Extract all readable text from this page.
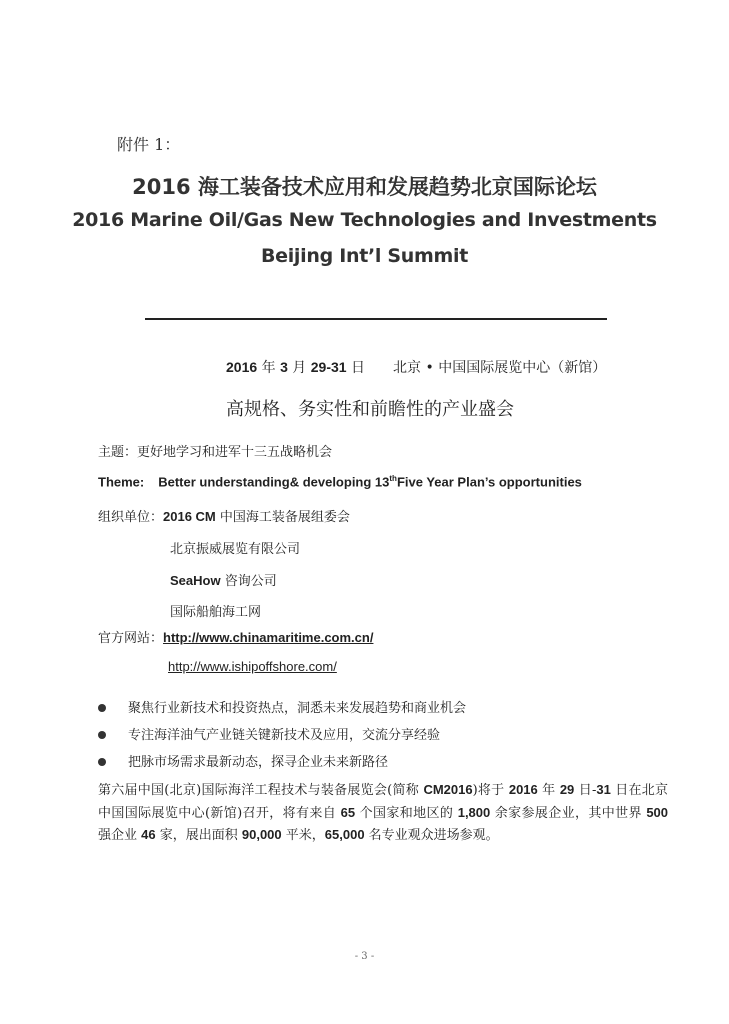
附件 1：
2016 海工装备技术应用和发展趋势北京国际论坛
2016 Marine Oil/Gas New Technologies and Investments
Beijing Int’l Summit
2016 年 3 月 29-31 日 北京 • 中国国际展览中心（新馆）
高规格、务实性和前瞻性的产业盛会
主题：更好地学习和进军十三五战略机会
Theme: Better understanding& developing 13thFive Year Plan’s opportunities
组织单位：2016 CM 中国海工装备展组委会
北京振威展览有限公司
SeaHow 咨询公司
国际船舶海工网
官方网站：http://www.chinamaritime.com.cn/
http://www.ishipoffshore.com/
聚焦行业新技术和投资热点，洞悉未来发展趋势和商业机会
专注海洋油气产业链关键新技术及应用，交流分享经验
把脉市场需求最新动态，探寻企业未来新路径
第六届中国(北京)国际海洋工程技术与装备展览会(简称 CM2016)将于 2016 年 29 日-31 日在北京中国国际展览中心(新馆)召开，将有来自 65 个国家和地区的 1,800 余家参展企业，其中世界 500 强企业 46 家，展出面积 90,000 平米，65,000 名专业观众进场参观。
- 3 -
